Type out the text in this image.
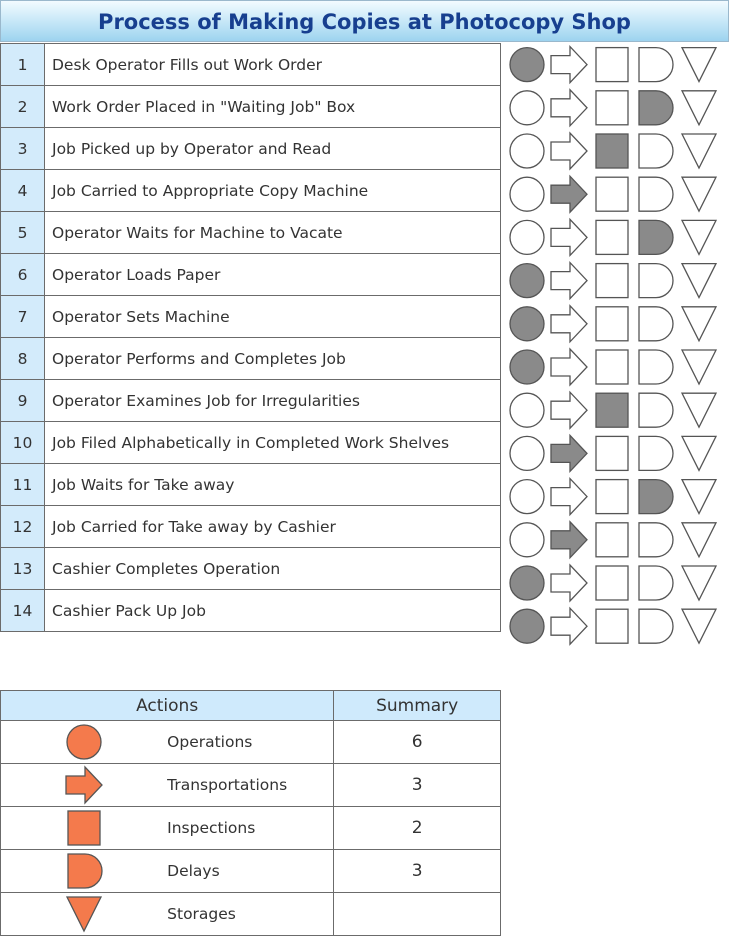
Process of Making Copies at Photocopy Shop
1	Desk Operator Fills out Work Order
2	Work Order Placed in "Waiting Job" Box
3	Job Picked up by Operator and Read
4	Job Carried to Appropriate Copy Machine
5	Operator Waits for Machine to Vacate
6	Operator Loads Paper
7	Operator Sets Machine
8	Operator Performs and Completes Job
9	Operator Examines Job for Irregularities
10	Job Filed Alphabetically in Completed Work Shelves
11	Job Waits for Take away
12	Job Carried for Take away by Cashier
13	Cashier Completes Operation
14	Cashier Pack Up Job
Actions		Summary

	Operations	6

	Transportations	3

	Inspections	2

	Delays	3

	Storages	
